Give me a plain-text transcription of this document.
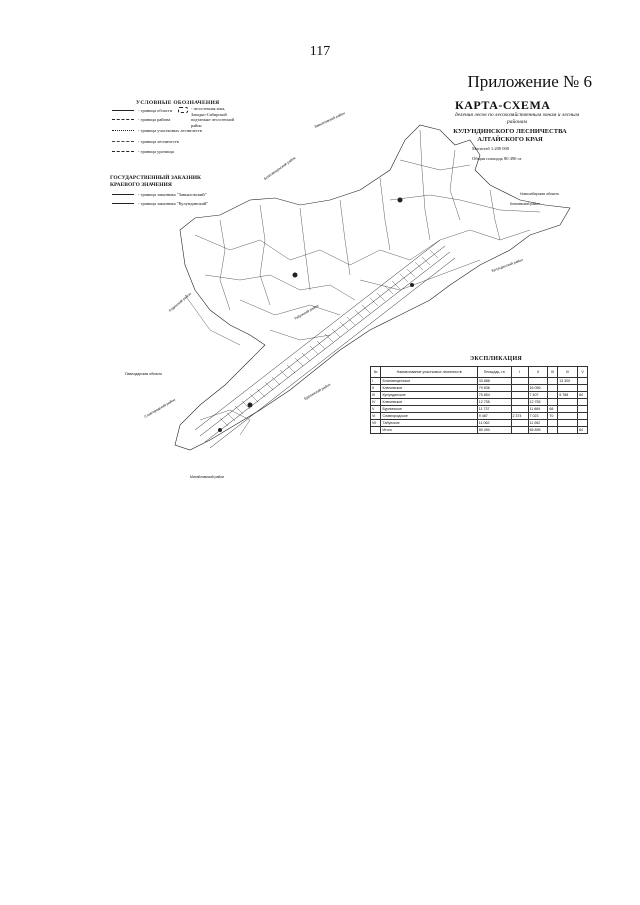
117
Приложение № 6
КАРТА-СХЕМА
деления лесов по лесохозяйственным зонам и лесным районам
КУЛУНДИНСКОГО ЛЕСНИЧЕСТВА АЛТАЙСКОГО КРАЯ
Масштаб 1:200 000
Общая площадь 80 490 га
УСЛОВНЫЕ ОБОЗНАЧЕНИЯ
- граница области
- граница района
- граница участковых лесничеств
- граница лесничеств
- граница урочища
- лесостепная зона, Западно-Сибирский подтаежно-лесостепной район
ГОСУДАРСТВЕННЫЙ ЗАКАЗНИК КРАЕВОГО ЗНАЧЕНИЯ
- граница заказника "Завьяловский"
- граница заказника "Кулундинский"
Завьяловский район
Ключевский район
Кулундинский район
Благовещенский район
Родинский район	Табунский район
Славгородский район
Бурлинский район
Михайловский район
Новосибирская область
Павлодарская область
ЭКСПЛИКАЦИЯ
№	Наименование участковых лесничеств	Площадь, га	I	II	III	IV	V
I	Благовещенское	43 888				13 300	
II	Ключевское	79 836		16 056			
III	Кулундинское	75 854		7 407		5 788	84
IV	Ключевское	12 755		12 755			
V	Бурлинское	11 737		11 669	68		
VI	Славгородское	9 487	2 374	7 023	70		
VII	Табунское	11 062		11 062			
	Итого	80 490		65 895			84
